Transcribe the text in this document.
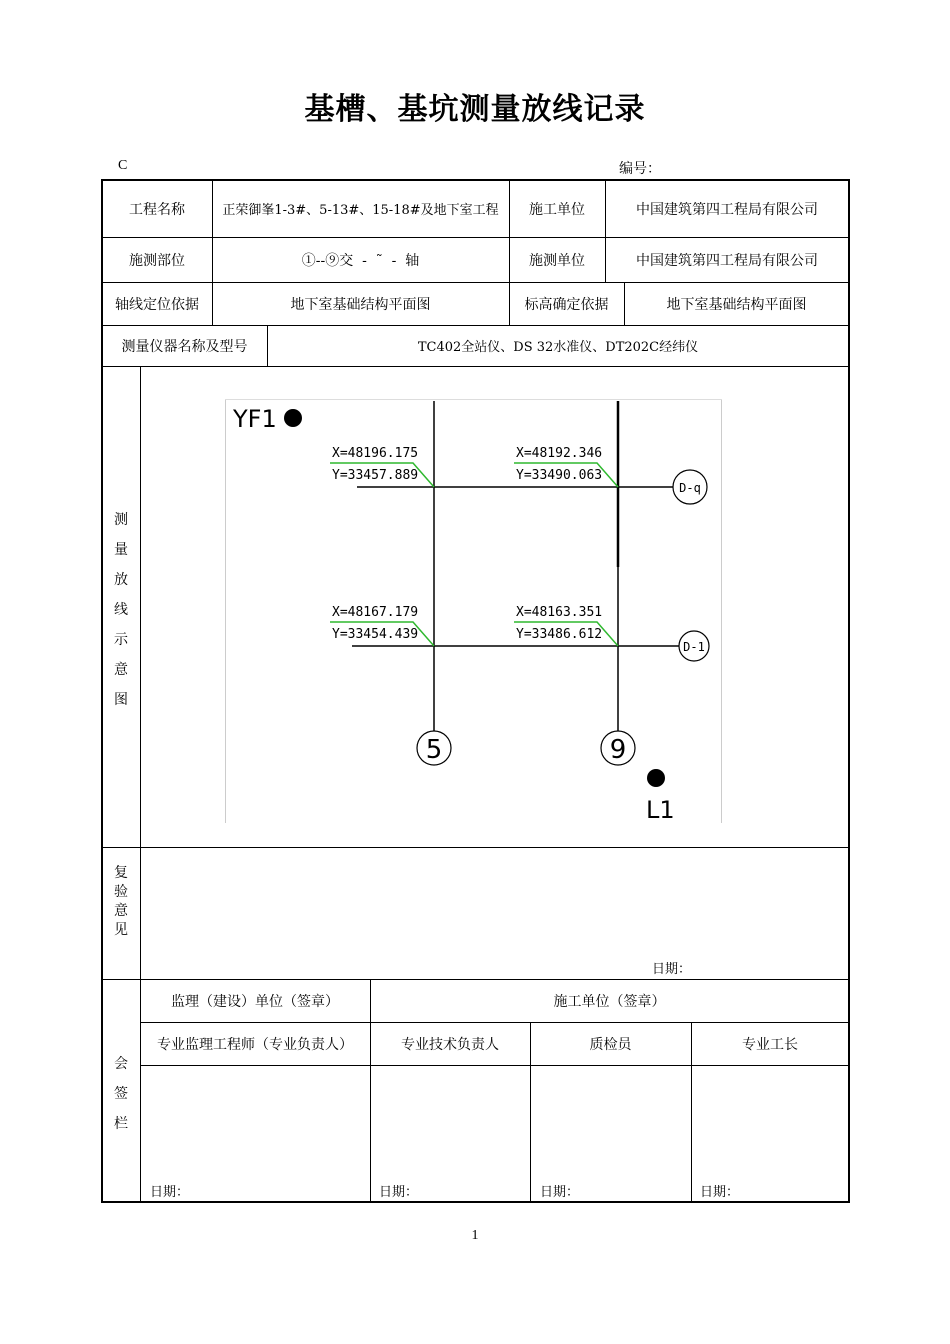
基槽、基坑测量放线记录
C	编号：
工程名称	正荣御峯1-3#、5-13#、15-18#及地下室工程	施工单位	中国建筑第四工程局有限公司
施测部位	①--⑨交  -  ˜  -  轴	施测单位	中国建筑第四工程局有限公司
轴线定位依据	地下室基础结构平面图	标高确定依据	地下室基础结构平面图
测量仪器名称及型号	TC402全站仪、DS 32水准仪、DT202C经纬仪
测量放线示意图
YF1
D-q
D-1
5	9
X=48196.175
Y=33457.889
X=48192.346
Y=33490.063
X=48167.179
Y=33454.439
X=48163.351
Y=33486.612
L1
复验意见
日期：
会签栏
监理（建设）单位（签章）	施工单位（签章）
专业监理工程师（专业负责人）	专业技术负责人	质检员	专业工长
日期：	日期：	日期：	日期：
1
